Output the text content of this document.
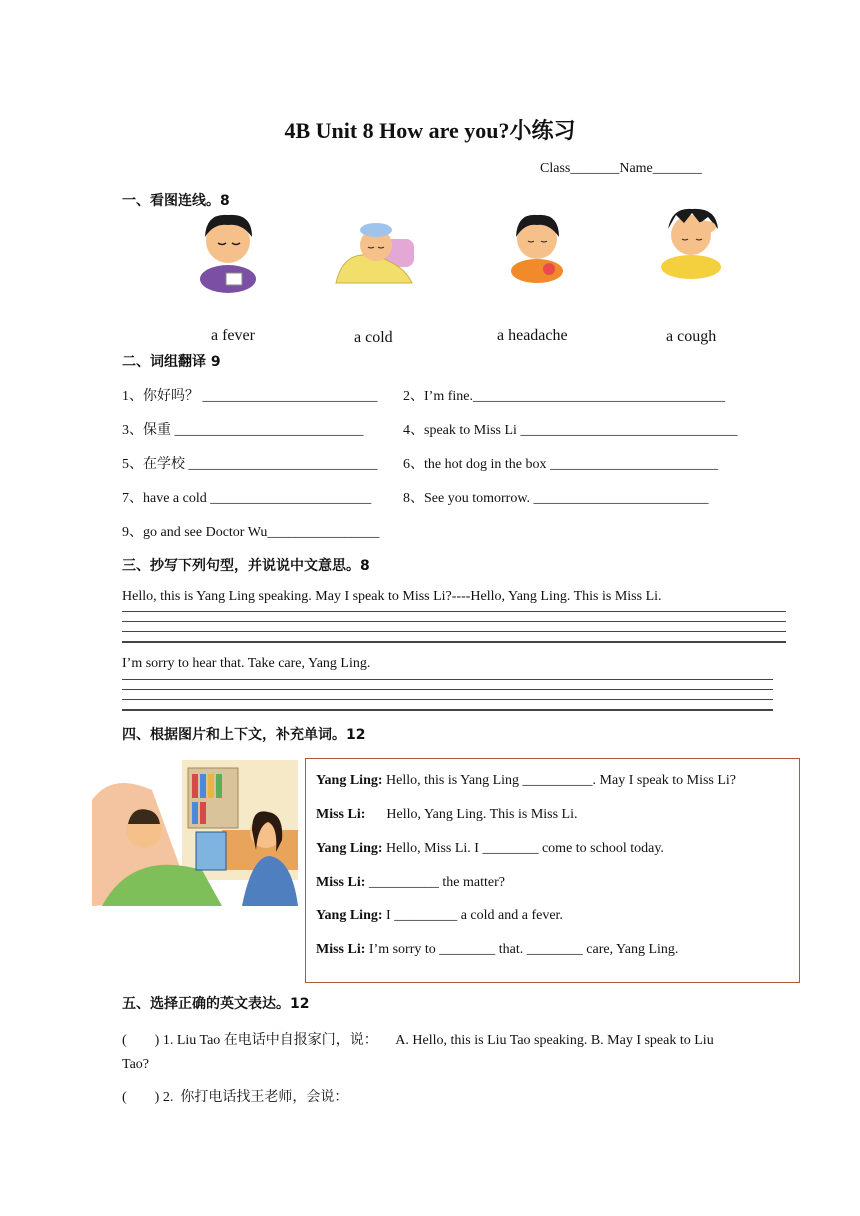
4B Unit 8 How are you?小练习
Class_______Name_______
一、看图连线。8
a fever	a cold	a headache	a cough
二、词组翻译 9
1、你好吗？ _________________________ 2、I’m fine.____________________________________
3、保重 ___________________________	4、speak to Miss Li _______________________________
5、在学校 ___________________________ 6、the hot dog in the box ________________________
7、have a cold _______________________ 8、See you tomorrow. _________________________
9、go and see Doctor Wu________________
三、抄写下列句型，并说说中文意思。8
Hello, this is Yang Ling speaking. May I speak to Miss Li?----Hello, Yang Ling. This is Miss Li.
I’m sorry to hear that. Take care, Yang Ling.
四、根据图片和上下文，补充单词。12
Yang Ling: Hello, this is Yang Ling __________. May I speak to Miss Li?
Miss Li:      Hello, Yang Ling. This is Miss Li.
Yang Ling: Hello, Miss Li. I ________ come to school today.
Miss Li: __________ the matter?
Yang Ling: I _________ a cold and a fever.
Miss Li: I’m sorry to ________ that. ________ care, Yang Ling.
五、选择正确的英文表达。12
(        ) 1. Liu Tao 在电话中自报家门，说：     A. Hello, this is Liu Tao speaking. B. May I speak to Liu
Tao?
(        ) 2.  你打电话找王老师，会说：
